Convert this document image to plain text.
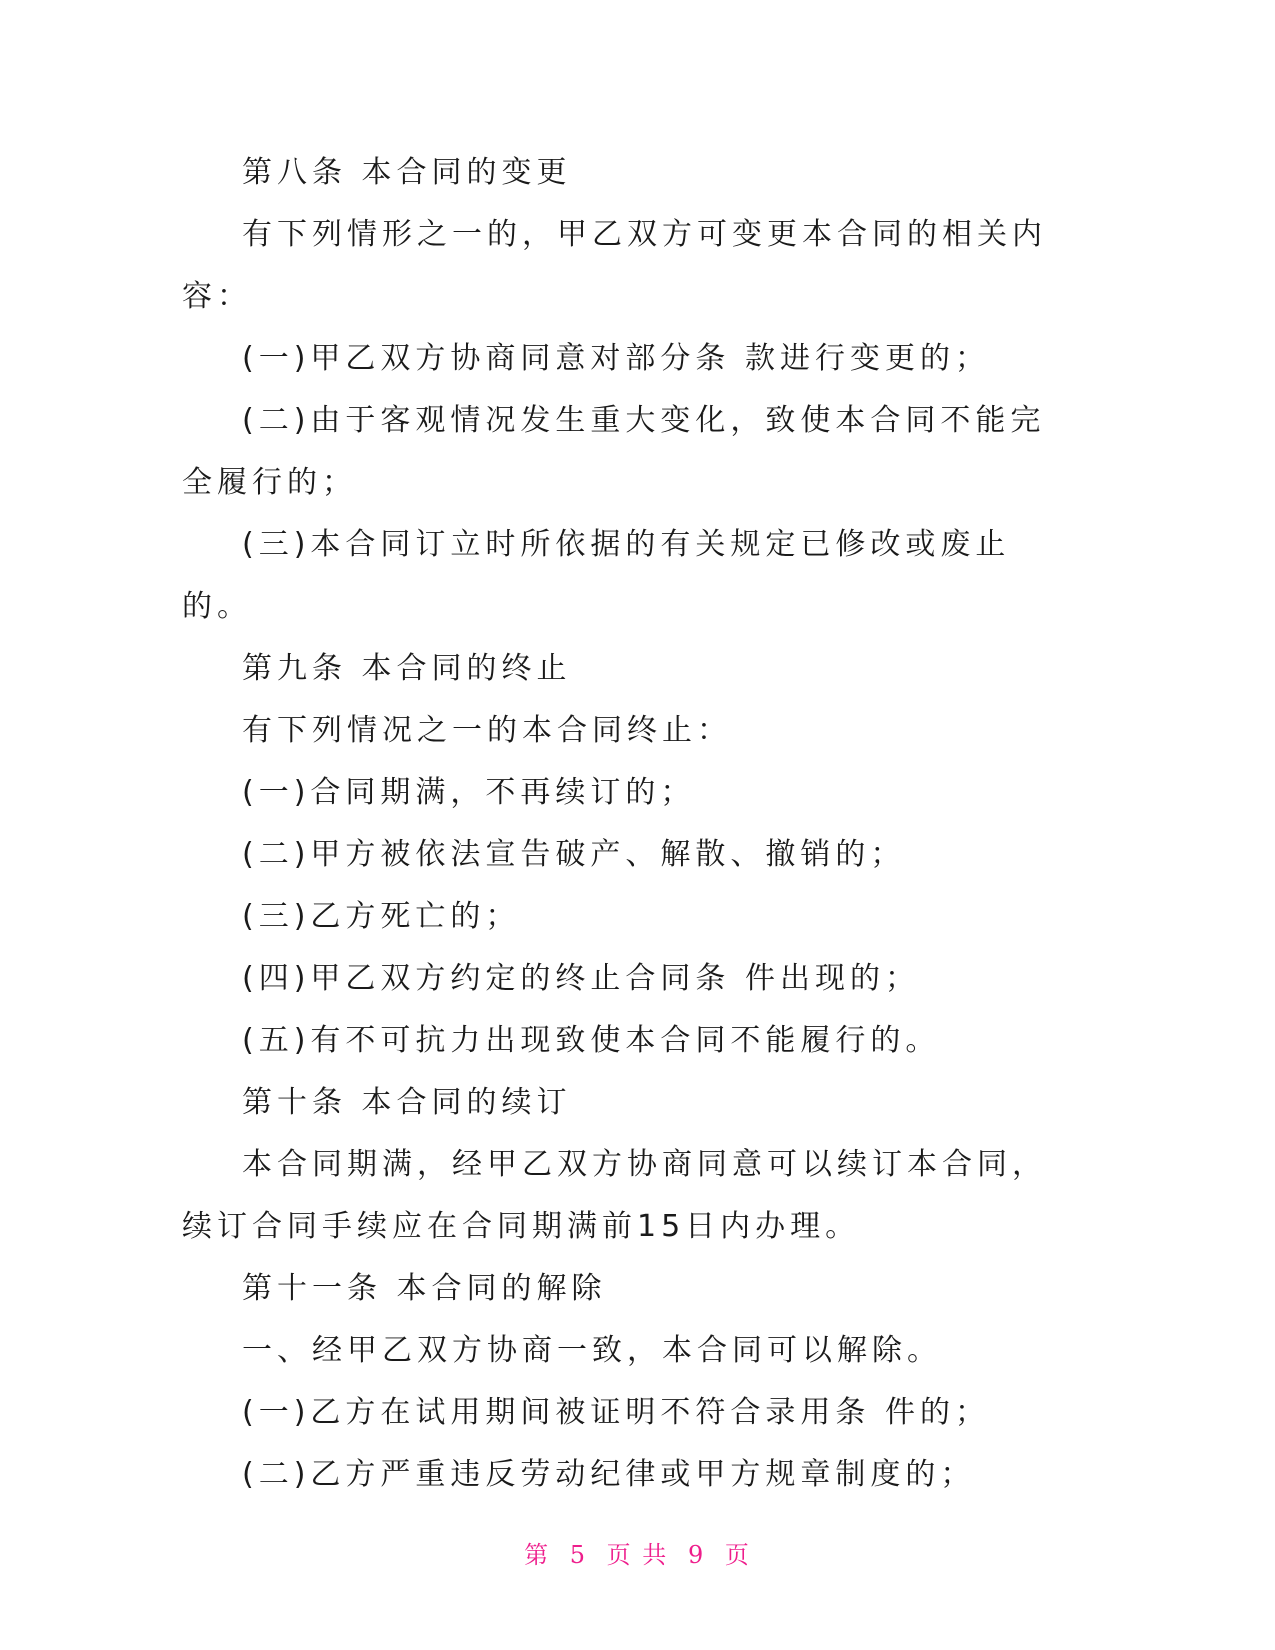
第八条 本合同的变更

有下列情形之一的，甲乙双方可变更本合同的相关内容：

(一)甲乙双方协商同意对部分条 款进行变更的；

(二)由于客观情况发生重大变化，致使本合同不能完全履行的；

(三)本合同订立时所依据的有关规定已修改或废止的。

第九条 本合同的终止

有下列情况之一的本合同终止：

(一)合同期满，不再续订的；

(二)甲方被依法宣告破产、解散、撤销的；

(三)乙方死亡的；

(四)甲乙双方约定的终止合同条 件出现的；

(五)有不可抗力出现致使本合同不能履行的。

第十条 本合同的续订

本合同期满，经甲乙双方协商同意可以续订本合同，续订合同手续应在合同期满前15日内办理。

第十一条 本合同的解除

一、经甲乙双方协商一致，本合同可以解除。

(一)乙方在试用期间被证明不符合录用条 件的；

(二)乙方严重违反劳动纪律或甲方规章制度的；

第 5 页 共 9 页
